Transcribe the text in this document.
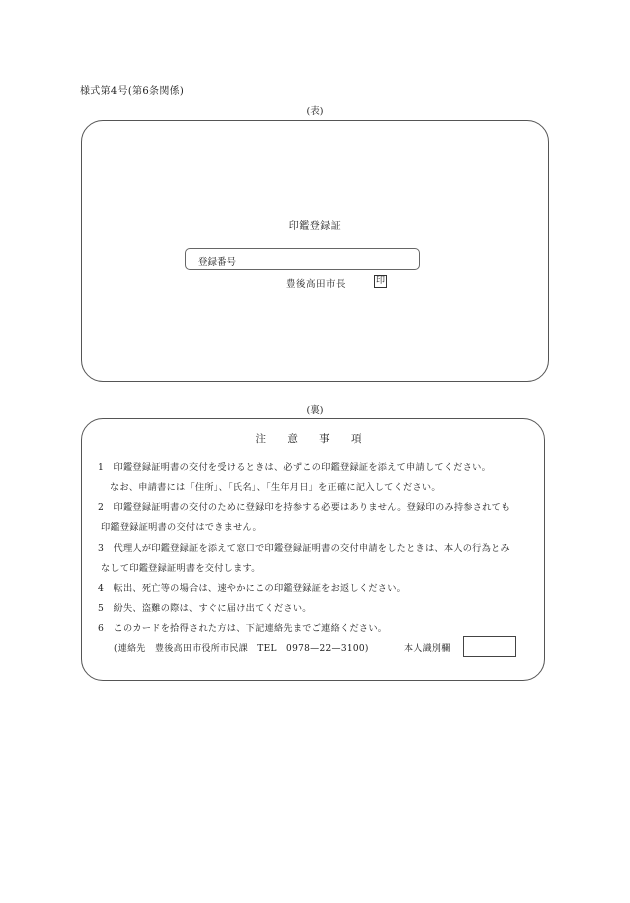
様式第4号(第6条関係)
(表)
印鑑登録証
登録番号
豊後高田市長	印
(裏)
注 意 事 項
1　印鑑登録証明書の交付を受けるときは、必ずこの印鑑登録証を添えて申請してください。
なお、申請書には「住所」、「氏名」、「生年月日」を正確に記入してください。
2　印鑑登録証明書の交付のために登録印を持参する必要はありません。登録印のみ持参されても
印鑑登録証明書の交付はできません。
3　代理人が印鑑登録証を添えて窓口で印鑑登録証明書の交付申請をしたときは、本人の行為とみ
なして印鑑登録証明書を交付します。
4　転出、死亡等の場合は、速やかにこの印鑑登録証をお返しください。
5　紛失、盗難の際は、すぐに届け出てください。
6　このカードを拾得された方は、下記連絡先までご連絡ください。
(連絡先　豊後高田市役所市民課　TEL　0978—22—3100)	本人識別欄
